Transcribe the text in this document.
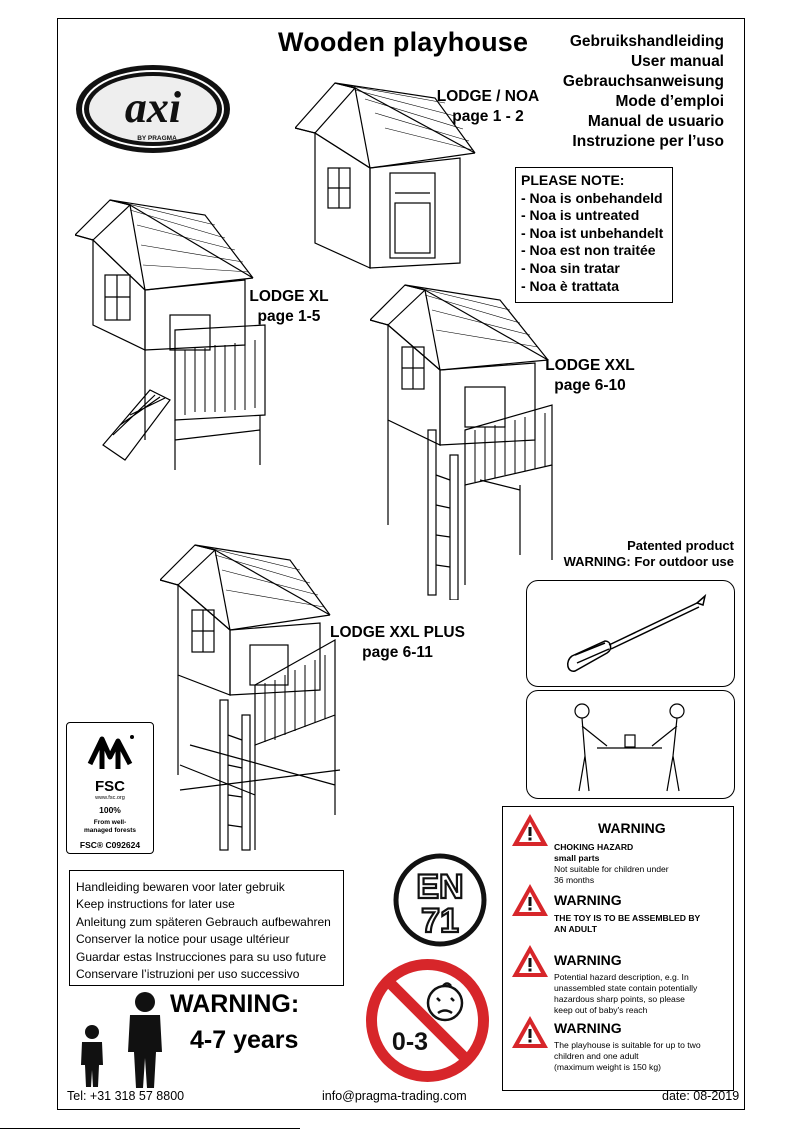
Wooden playhouse	Gebruikshandleiding
User manual
Gebrauchsanweisung
Mode d’emploi
Manual de usuario
Instruzione per l’uso
axi
BY PRAGMA
LODGE / NOA
page 1 - 2
PLEASE NOTE:
- Noa is onbehandeld
- Noa is untreated
- Noa ist unbehandelt
- Noa est non traitée
- Noa sin tratar
- Noa è trattata
LODGE XL
page 1-5
LODGE XXL
page 6-10
Patented product
WARNING: For outdoor use
LODGE XXL PLUS
page 6-11
FSC
www.fsc.org
100%
From well-
managed forests
FSC® C092624
EN
71
Handleiding bewaren voor later gebruik
Keep instructions for later use
Anleitung zum späteren Gebrauch aufbewahren
Conserver la notice pour usage ultérieur
Guardar estas Instrucciones para su uso future
Conservare l’istruzioni per uso successivo
WARNING:
4-7 years	0-3
WARNING
CHOKING HAZARD
small parts
Not suitable for children under
36 months
WARNING
THE TOY IS TO BE ASSEMBLED BY
AN ADULT
WARNING
Potential hazard description, e.g. In
unassembled state contain potentially
hazardous sharp points, so please
keep out of baby's reach
WARNING
The playhouse is suitable for up to two
children and one adult
(maximum weight is 150 kg)
Tel: +31 318 57 8800	info@pragma-trading.com	date: 08-2019
